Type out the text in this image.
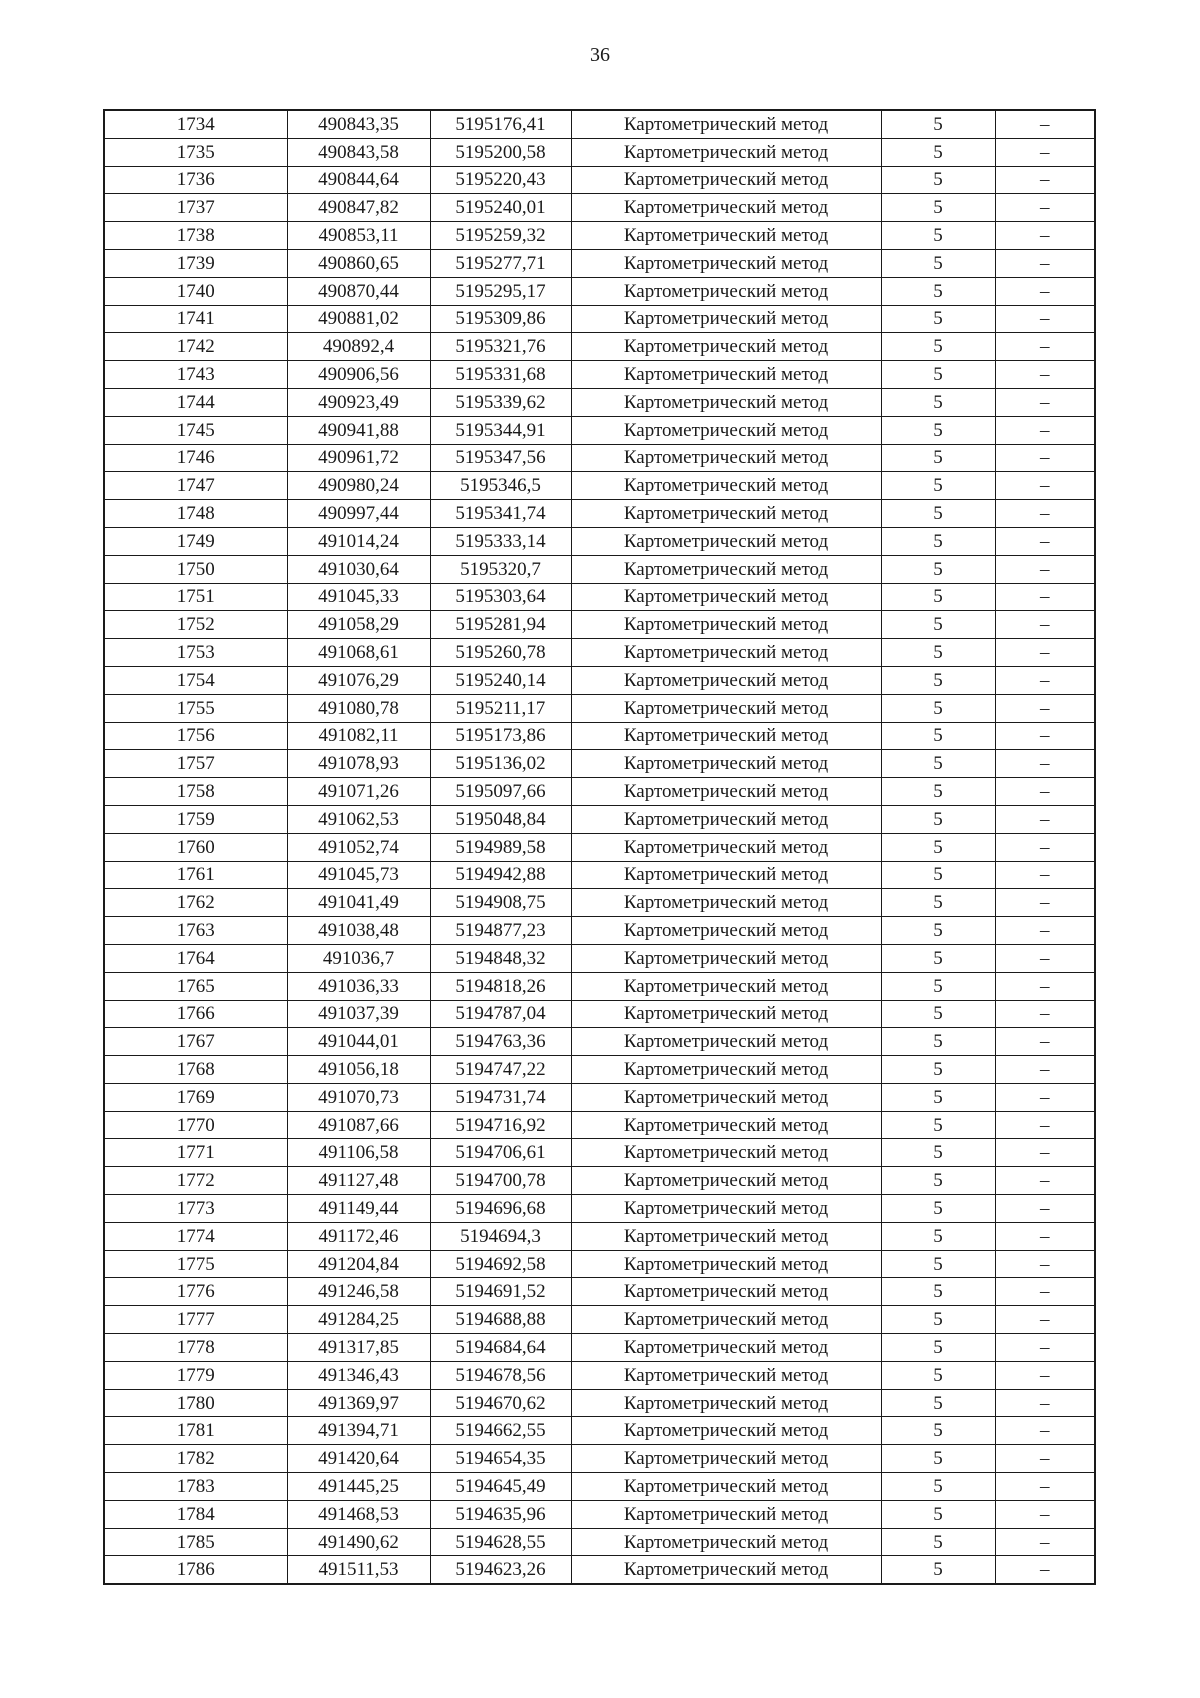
36
1734	490843,35	5195176,41	Картометрический метод	5	–
1735	490843,58	5195200,58	Картометрический метод	5	–
1736	490844,64	5195220,43	Картометрический метод	5	–
1737	490847,82	5195240,01	Картометрический метод	5	–
1738	490853,11	5195259,32	Картометрический метод	5	–
1739	490860,65	5195277,71	Картометрический метод	5	–
1740	490870,44	5195295,17	Картометрический метод	5	–
1741	490881,02	5195309,86	Картометрический метод	5	–
1742	490892,4	5195321,76	Картометрический метод	5	–
1743	490906,56	5195331,68	Картометрический метод	5	–
1744	490923,49	5195339,62	Картометрический метод	5	–
1745	490941,88	5195344,91	Картометрический метод	5	–
1746	490961,72	5195347,56	Картометрический метод	5	–
1747	490980,24	5195346,5	Картометрический метод	5	–
1748	490997,44	5195341,74	Картометрический метод	5	–
1749	491014,24	5195333,14	Картометрический метод	5	–
1750	491030,64	5195320,7	Картометрический метод	5	–
1751	491045,33	5195303,64	Картометрический метод	5	–
1752	491058,29	5195281,94	Картометрический метод	5	–
1753	491068,61	5195260,78	Картометрический метод	5	–
1754	491076,29	5195240,14	Картометрический метод	5	–
1755	491080,78	5195211,17	Картометрический метод	5	–
1756	491082,11	5195173,86	Картометрический метод	5	–
1757	491078,93	5195136,02	Картометрический метод	5	–
1758	491071,26	5195097,66	Картометрический метод	5	–
1759	491062,53	5195048,84	Картометрический метод	5	–
1760	491052,74	5194989,58	Картометрический метод	5	–
1761	491045,73	5194942,88	Картометрический метод	5	–
1762	491041,49	5194908,75	Картометрический метод	5	–
1763	491038,48	5194877,23	Картометрический метод	5	–
1764	491036,7	5194848,32	Картометрический метод	5	–
1765	491036,33	5194818,26	Картометрический метод	5	–
1766	491037,39	5194787,04	Картометрический метод	5	–
1767	491044,01	5194763,36	Картометрический метод	5	–
1768	491056,18	5194747,22	Картометрический метод	5	–
1769	491070,73	5194731,74	Картометрический метод	5	–
1770	491087,66	5194716,92	Картометрический метод	5	–
1771	491106,58	5194706,61	Картометрический метод	5	–
1772	491127,48	5194700,78	Картометрический метод	5	–
1773	491149,44	5194696,68	Картометрический метод	5	–
1774	491172,46	5194694,3	Картометрический метод	5	–
1775	491204,84	5194692,58	Картометрический метод	5	–
1776	491246,58	5194691,52	Картометрический метод	5	–
1777	491284,25	5194688,88	Картометрический метод	5	–
1778	491317,85	5194684,64	Картометрический метод	5	–
1779	491346,43	5194678,56	Картометрический метод	5	–
1780	491369,97	5194670,62	Картометрический метод	5	–
1781	491394,71	5194662,55	Картометрический метод	5	–
1782	491420,64	5194654,35	Картометрический метод	5	–
1783	491445,25	5194645,49	Картометрический метод	5	–
1784	491468,53	5194635,96	Картометрический метод	5	–
1785	491490,62	5194628,55	Картометрический метод	5	–
1786	491511,53	5194623,26	Картометрический метод	5	–
